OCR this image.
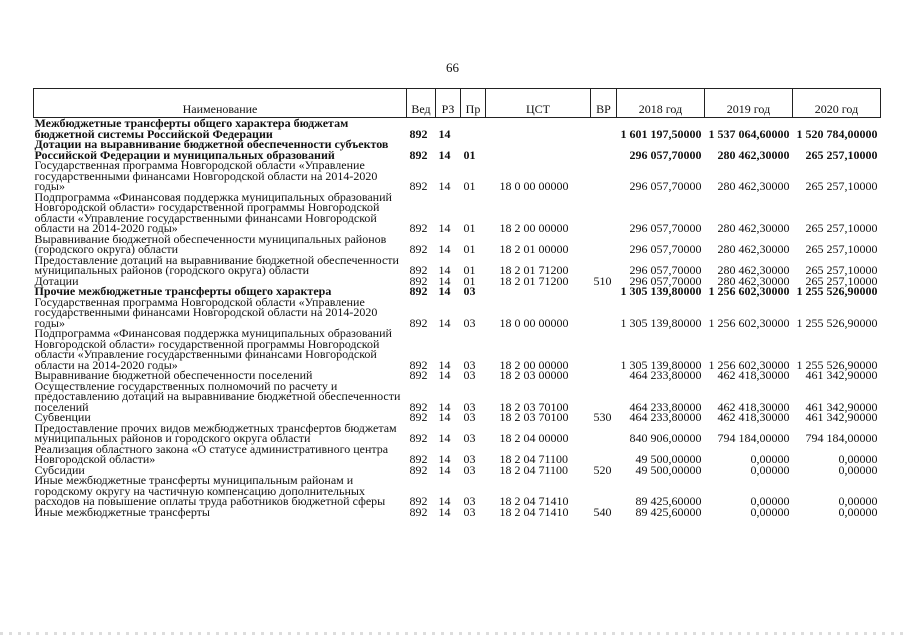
66
Наименование	Вед	РЗ	Пр	ЦСТ	ВР	2018 год	2019 год	2020 год
Межбюджетные трансферты общего характера бюджетам бюджетной системы Российской Федерации	892	14				1 601 197,50000	1 537 064,60000	1 520 784,00000
Дотации на выравнивание бюджетной обеспеченности субъектов Российской Федерации и муниципальных образований	892	14	01			296 057,70000	280 462,30000	265 257,10000
Государственная программа Новгородской области «Управление государственными финансами Новгородской области на 2014-2020 годы»	892	14	01	18 0 00 00000		296 057,70000	280 462,30000	265 257,10000
Подпрограмма «Финансовая поддержка муниципальных образований Новгородской области» государственной программы Новгородской области «Управление государственными финансами Новгородской области на 2014-2020 годы»	892	14	01	18 2 00 00000		296 057,70000	280 462,30000	265 257,10000
Выравнивание бюджетной обеспеченности муниципальных районов (городского округа) области	892	14	01	18 2 01 00000		296 057,70000	280 462,30000	265 257,10000
Предоставление дотаций на выравнивание бюджетной обеспеченности муниципальных районов (городского округа) области	892	14	01	18 2 01 71200		296 057,70000	280 462,30000	265 257,10000
Дотации	892	14	01	18 2 01 71200	510	296 057,70000	280 462,30000	265 257,10000
Прочие межбюджетные трансферты общего характера	892	14	03			1 305 139,80000	1 256 602,30000	1 255 526,90000
Государственная программа Новгородской области «Управление государственными финансами Новгородской области на 2014-2020 годы»	892	14	03	18 0 00 00000		1 305 139,80000	1 256 602,30000	1 255 526,90000
Подпрограмма «Финансовая поддержка муниципальных образований Новгородской области» государственной программы Новгородской области «Управление государственными финансами Новгородской области на 2014-2020 годы»	892	14	03	18 2 00 00000		1 305 139,80000	1 256 602,30000	1 255 526,90000
Выравнивание бюджетной обеспеченности поселений	892	14	03	18 2 03 00000		464 233,80000	462 418,30000	461 342,90000
Осуществление государственных полномочий по расчету и предоставлению дотаций на выравнивание бюджетной обеспеченности поселений	892	14	03	18 2 03 70100		464 233,80000	462 418,30000	461 342,90000
Субвенции	892	14	03	18 2 03 70100	530	464 233,80000	462 418,30000	461 342,90000
Предоставление прочих видов межбюджетных трансфертов бюджетам муниципальных районов и городского округа области	892	14	03	18 2 04 00000		840 906,00000	794 184,00000	794 184,00000
Реализация областного закона «О статусе административного центра Новгородской области»	892	14	03	18 2 04 71100		49 500,00000	0,00000	0,00000
Субсидии	892	14	03	18 2 04 71100	520	49 500,00000	0,00000	0,00000
Иные межбюджетные трансферты муниципальным районам и городскому округу на частичную компенсацию дополнительных расходов на повышение оплаты труда работников бюджетной сферы	892	14	03	18 2 04 71410		89 425,60000	0,00000	0,00000
Иные межбюджетные трансферты	892	14	03	18 2 04 71410	540	89 425,60000	0,00000	0,00000
